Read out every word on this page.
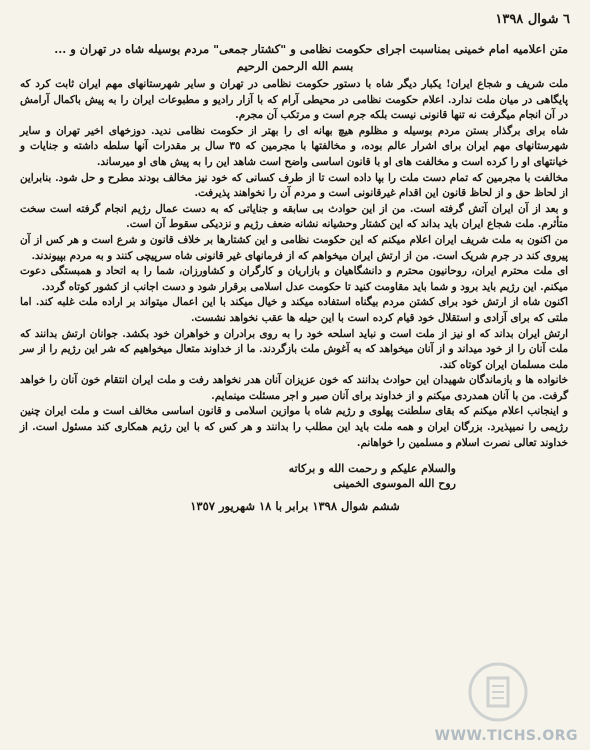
٦ شوال ١٣٩٨
متن اعلامیه امام خمینی بمناسبت اجرای حکومت نظامی و "کشتار جمعی" مردم بوسیله شاه در تهران و ...
بسم الله الرحمن الرحیم

ملت شریف و شجاع ایران! یکبار دیگر شاه با دستور حکومت نظامی در تهران و سایر شهرستانهای مهم ایران ثابت کرد که پایگاهی در میان ملت ندارد. اعلام حکومت نظامی در محیطی آرام که با آزار رادیو و مطبوعات ایران را به پیش باکمال آرامش در آن انجام میگرفت نه تنها قانونی نیست بلکه جرم است و مرتکب آن مجرم.

شاه برای برگذار بستن مردم بوسیله و مظلوم هیچ بهانه ای را بهتر از حکومت نظامی ندید. دوزخهای اخیر تهران و سایر شهرستانهای مهم ایران برای اشرار عالم بوده، و مخالفتها با مجرمین که ٣٥ سال بر مقدرات آنها سلطه داشته و جنایات و خیانتهای او را کرده است و مخالفت های او با قانون اساسی واضح است شاهد این را به پیش های او میرساند.

مخالفت با مجرمین که تمام دست ملت را بپا داده است تا از طرف کسانی که خود نیز مخالف بودند مطرح و حل شود. بنابراین از لحاظ حق و از لحاظ قانون این اقدام غیرقانونی است و مردم آن را نخواهند پذیرفت.

و بعد از آن ایران آتش گرفته است. من از این حوادث بی سابقه و جنایاتی که به دست عمال رژیم انجام گرفته است سخت متأثرم. ملت شجاع ایران باید بداند که این کشتار وحشیانه نشانه ضعف رژیم و نزدیکی سقوط آن است.

من اکنون به ملت شریف ایران اعلام میکنم که این حکومت نظامی و این کشتارها بر خلاف قانون و شرع است و هر کس از آن پیروی کند در جرم شریک است. من از ارتش ایران میخواهم که از فرمانهای غیر قانونی شاه سرپیچی کنند و به مردم بپیوندند.

ای ملت محترم ایران، روحانیون محترم و دانشگاهیان و بازاریان و کارگران و کشاورزان، شما را به اتحاد و همبستگی دعوت میکنم. این رژیم باید برود و شما باید مقاومت کنید تا حکومت عدل اسلامی برقرار شود و دست اجانب از کشور کوتاه گردد.

اکنون شاه از ارتش خود برای کشتن مردم بیگناه استفاده میکند و خیال میکند با این اعمال میتواند بر اراده ملت غلبه کند. اما ملتی که برای آزادی و استقلال خود قیام کرده است با این حیله ها عقب نخواهد نشست.

ارتش ایران بداند که او نیز از ملت است و نباید اسلحه خود را به روی برادران و خواهران خود بکشد. جوانان ارتش بدانند که ملت آنان را از خود میداند و از آنان میخواهد که به آغوش ملت بازگردند. ما از خداوند متعال میخواهیم که شر این رژیم را از سر ملت مسلمان ایران کوتاه کند.

خانواده ها و بازماندگان شهیدان این حوادث بدانند که خون عزیزان آنان هدر نخواهد رفت و ملت ایران انتقام خون آنان را خواهد گرفت. من با آنان همدردی میکنم و از خداوند برای آنان صبر و اجر مسئلت مینمایم.

و اینجانب اعلام میکنم که بقای سلطنت پهلوی و رژیم شاه با موازین اسلامی و قانون اساسی مخالف است و ملت ایران چنین رژیمی را نمیپذیرد. بزرگان ایران و همه ملت باید این مطلب را بدانند و هر کس که با این رژیم همکاری کند مسئول است. از خداوند تعالی نصرت اسلام و مسلمین را خواهانم.

والسلام علیکم و رحمت الله و برکاته
روح الله الموسوی الخمینی
ششم شوال ١٣٩٨ برابر با ١٨ شهریور ١٣٥٧
WWW.TICHS.ORG
